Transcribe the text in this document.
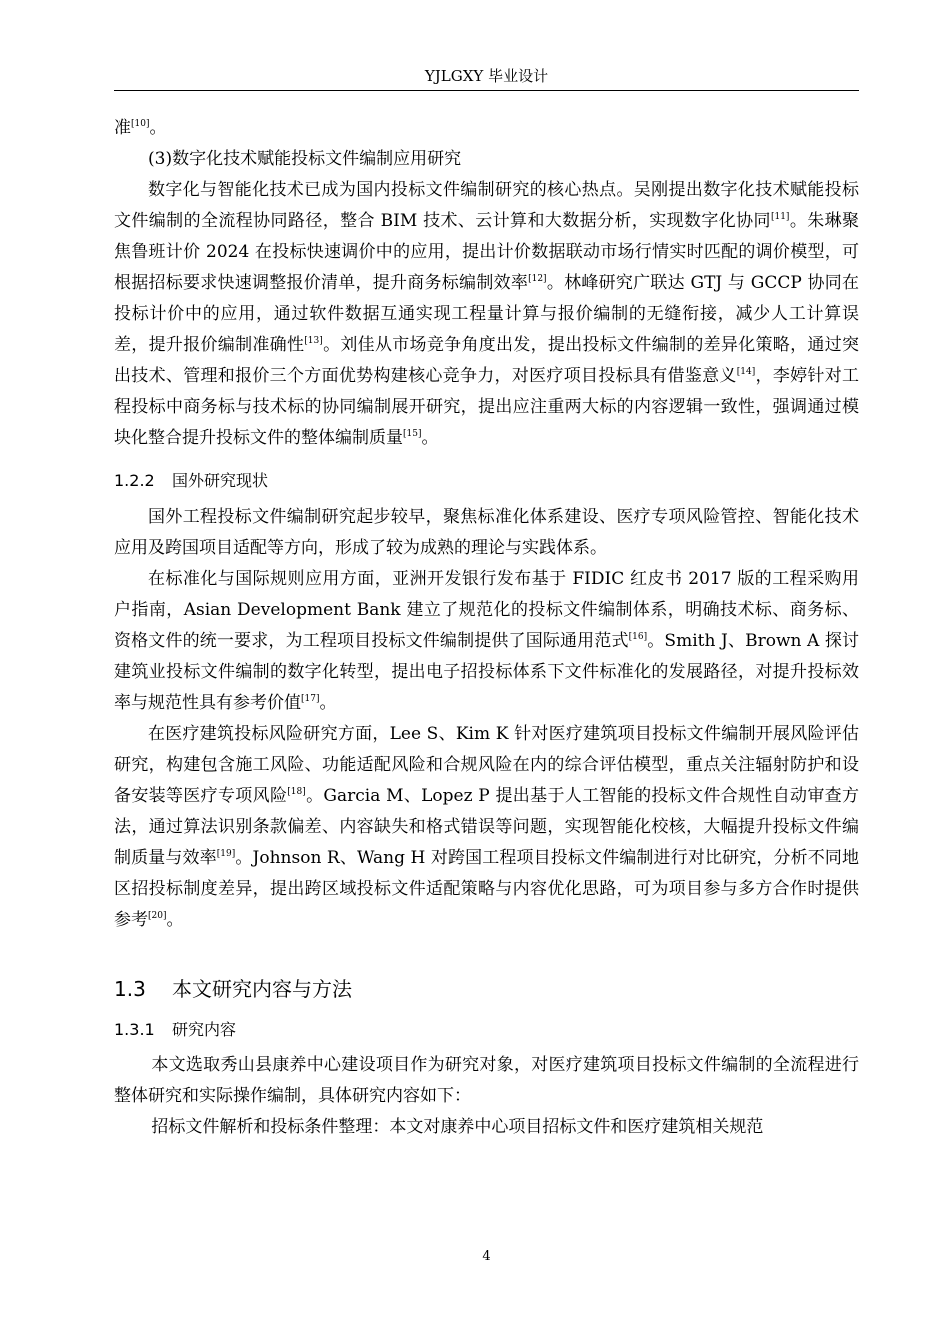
YJLGXY 毕业设计

准[10]。

(3)数字化技术赋能投标文件编制应用研究

数字化与智能化技术已成为国内投标文件编制研究的核心热点。吴刚提出数字化技术赋能投标文件编制的全流程协同路径，整合 BIM 技术、云计算和大数据分析，实现数字化协同[11]。朱琳聚焦鲁班计价 2024 在投标快速调价中的应用，提出计价数据联动市场行情实时匹配的调价模型，可根据招标要求快速调整报价清单，提升商务标编制效率[12]。林峰研究广联达 GTJ 与 GCCP 协同在投标计价中的应用，通过软件数据互通实现工程量计算与报价编制的无缝衔接，减少人工计算误差，提升报价编制准确性[13]。刘佳从市场竞争角度出发，提出投标文件编制的差异化策略，通过突出技术、管理和报价三个方面优势构建核心竞争力，对医疗项目投标具有借鉴意义[14]，李婷针对工程投标中商务标与技术标的协同编制展开研究，提出应注重两大标的内容逻辑一致性，强调通过模块化整合提升投标文件的整体编制质量[15]。

1.2.2 国外研究现状

国外工程投标文件编制研究起步较早，聚焦标准化体系建设、医疗专项风险管控、智能化技术应用及跨国项目适配等方向，形成了较为成熟的理论与实践体系。

在标准化与国际规则应用方面，亚洲开发银行发布基于 FIDIC 红皮书 2017 版的工程采购用户指南，Asian Development Bank 建立了规范化的投标文件编制体系，明确技术标、商务标、资格文件的统一要求，为工程项目投标文件编制提供了国际通用范式[16]。Smith J、Brown A 探讨建筑业投标文件编制的数字化转型，提出电子招投标体系下文件标准化的发展路径，对提升投标效率与规范性具有参考价值[17]。

在医疗建筑投标风险研究方面，Lee S、Kim K 针对医疗建筑项目投标文件编制开展风险评估研究，构建包含施工风险、功能适配风险和合规风险在内的综合评估模型，重点关注辐射防护和设备安装等医疗专项风险[18]。Garcia M、Lopez P 提出基于人工智能的投标文件合规性自动审查方法，通过算法识别条款偏差、内容缺失和格式错误等问题，实现智能化校核，大幅提升投标文件编制质量与效率[19]。Johnson R、Wang H 对跨国工程项目投标文件编制进行对比研究，分析不同地区招投标制度差异，提出跨区域投标文件适配策略与内容优化思路，可为项目参与多方合作时提供参考[20]。

1.3 本文研究内容与方法
1.3.1 研究内容

本文选取秀山县康养中心建设项目作为研究对象，对医疗建筑项目投标文件编制的全流程进行整体研究和实际操作编制，具体研究内容如下：

招标文件解析和投标条件整理：本文对康养中心项目招标文件和医疗建筑相关规范

4
